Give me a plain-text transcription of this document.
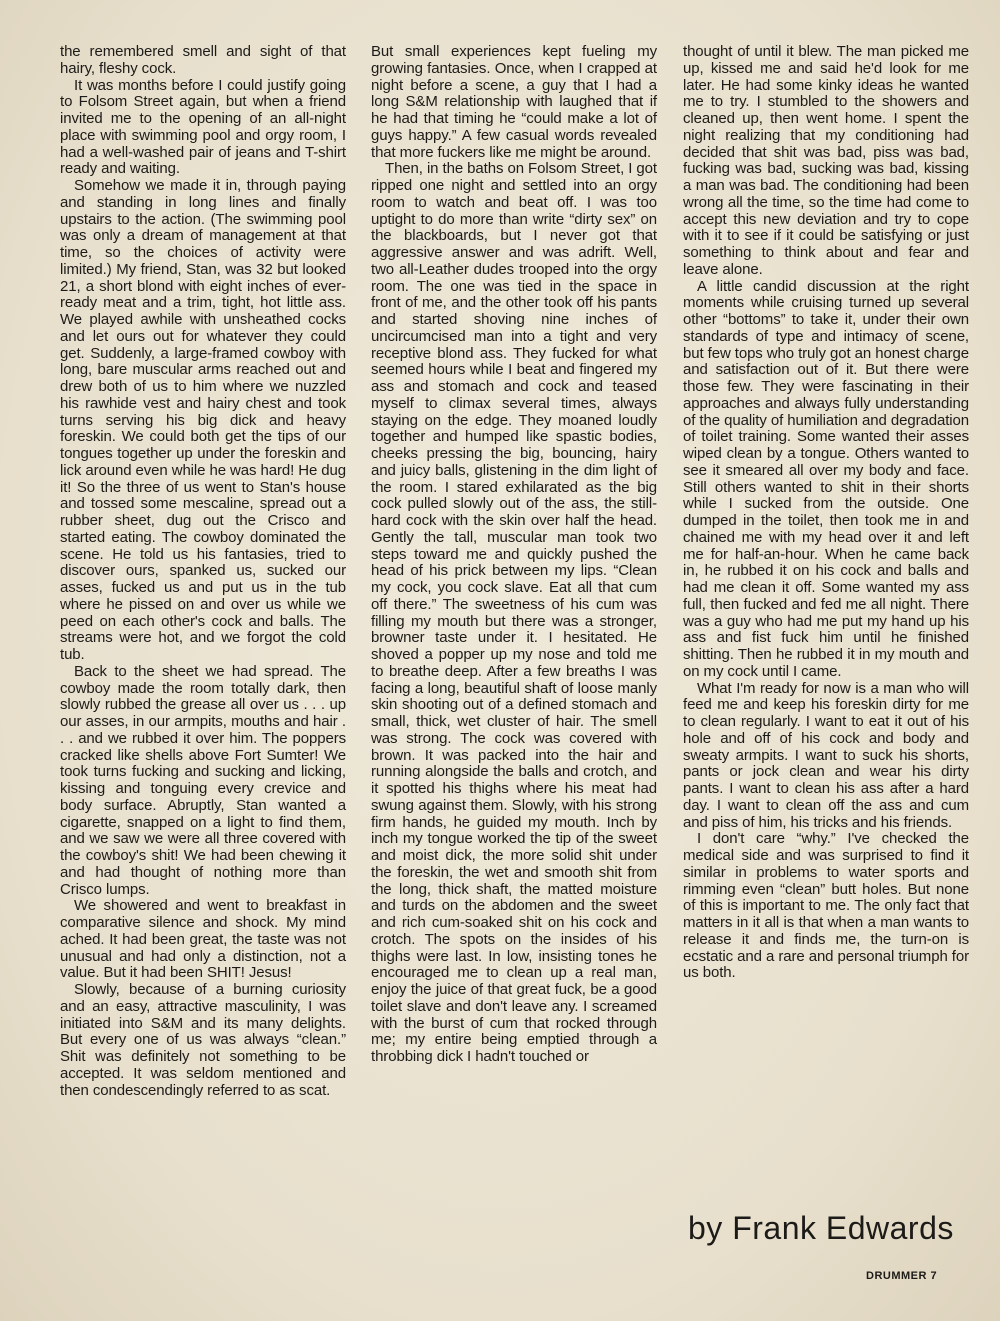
the remembered smell and sight of that hairy, fleshy cock.

It was months before I could justify going to Folsom Street again, but when a friend invited me to the opening of an all-night place with swimming pool and orgy room, I had a well-washed pair of jeans and T-shirt ready and waiting.

Somehow we made it in, through paying and standing in long lines and finally upstairs to the action. (The swimming pool was only a dream of management at that time, so the choices of activity were limited.) My friend, Stan, was 32 but looked 21, a short blond with eight inches of ever-ready meat and a trim, tight, hot little ass. We played awhile with unsheathed cocks and let ours out for whatever they could get. Suddenly, a large-framed cowboy with long, bare muscular arms reached out and drew both of us to him where we nuzzled his rawhide vest and hairy chest and took turns serving his big dick and heavy foreskin. We could both get the tips of our tongues together up under the foreskin and lick around even while he was hard! He dug it! So the three of us went to Stan's house and tossed some mescaline, spread out a rubber sheet, dug out the Crisco and started eating. The cowboy dominated the scene. He told us his fantasies, tried to discover ours, spanked us, sucked our asses, fucked us and put us in the tub where he pissed on and over us while we peed on each other's cock and balls. The streams were hot, and we forgot the cold tub.

Back to the sheet we had spread. The cowboy made the room totally dark, then slowly rubbed the grease all over us . . . up our asses, in our armpits, mouths and hair . . . and we rubbed it over him. The poppers cracked like shells above Fort Sumter! We took turns fucking and sucking and licking, kissing and tonguing every crevice and body surface. Abruptly, Stan wanted a cigarette, snapped on a light to find them, and we saw we were all three covered with the cowboy's shit! We had been chewing it and had thought of nothing more than Crisco lumps.

We showered and went to breakfast in comparative silence and shock. My mind ached. It had been great, the taste was not unusual and had only a distinction, not a value. But it had been SHIT! Jesus!

Slowly, because of a burning curiosity and an easy, attractive masculinity, I was initiated into S&M and its many delights. But every one of us was always “clean.” Shit was definitely not something to be accepted. It was seldom mentioned and then condescendingly referred to as scat.

But small experiences kept fueling my growing fantasies. Once, when I crapped at night before a scene, a guy that I had a long S&M relationship with laughed that if he had that timing he “could make a lot of guys happy.” A few casual words revealed that more fuckers like me might be around.

Then, in the baths on Folsom Street, I got ripped one night and settled into an orgy room to watch and beat off. I was too uptight to do more than write “dirty sex” on the blackboards, but I never got that aggressive answer and was adrift. Well, two all-Leather dudes trooped into the orgy room. The one was tied in the space in front of me, and the other took off his pants and started shoving nine inches of uncircumcised man into a tight and very receptive blond ass. They fucked for what seemed hours while I beat and fingered my ass and stomach and cock and teased myself to climax several times, always staying on the edge. They moaned loudly together and humped like spastic bodies, cheeks pressing the big, bouncing, hairy and juicy balls, glistening in the dim light of the room. I stared exhilarated as the big cock pulled slowly out of the ass, the still-hard cock with the skin over half the head. Gently the tall, muscular man took two steps toward me and quickly pushed the head of his prick between my lips. “Clean my cock, you cock slave. Eat all that cum off there.” The sweetness of his cum was filling my mouth but there was a stronger, browner taste under it. I hesitated. He shoved a popper up my nose and told me to breathe deep. After a few breaths I was facing a long, beautiful shaft of loose manly skin shooting out of a defined stomach and small, thick, wet cluster of hair. The smell was strong. The cock was covered with brown. It was packed into the hair and running alongside the balls and crotch, and it spotted his thighs where his meat had swung against them. Slowly, with his strong firm hands, he guided my mouth. Inch by inch my tongue worked the tip of the sweet and moist dick, the more solid shit under the foreskin, the wet and smooth shit from the long, thick shaft, the matted moisture and turds on the abdomen and the sweet and rich cum-soaked shit on his cock and crotch. The spots on the insides of his thighs were last. In low, insisting tones he encouraged me to clean up a real man, enjoy the juice of that great fuck, be a good toilet slave and don't leave any. I screamed with the burst of cum that rocked through me; my entire being emptied through a throbbing dick I hadn't touched or

thought of until it blew. The man picked me up, kissed me and said he'd look for me later. He had some kinky ideas he wanted me to try. I stumbled to the showers and cleaned up, then went home. I spent the night realizing that my conditioning had decided that shit was bad, piss was bad, fucking was bad, sucking was bad, kissing a man was bad. The conditioning had been wrong all the time, so the time had come to accept this new deviation and try to cope with it to see if it could be satisfying or just something to think about and fear and leave alone.

A little candid discussion at the right moments while cruising turned up several other “bottoms” to take it, under their own standards of type and intimacy of scene, but few tops who truly got an honest charge and satisfaction out of it. But there were those few. They were fascinating in their approaches and always fully understanding of the quality of humiliation and degradation of toilet training. Some wanted their asses wiped clean by a tongue. Others wanted to see it smeared all over my body and face. Still others wanted to shit in their shorts while I sucked from the outside. One dumped in the toilet, then took me in and chained me with my head over it and left me for half-an-hour. When he came back in, he rubbed it on his cock and balls and had me clean it off. Some wanted my ass full, then fucked and fed me all night. There was a guy who had me put my hand up his ass and fist fuck him until he finished shitting. Then he rubbed it in my mouth and on my cock until I came.

What I'm ready for now is a man who will feed me and keep his foreskin dirty for me to clean regularly. I want to eat it out of his hole and off of his cock and body and sweaty armpits. I want to suck his shorts, pants or jock clean and wear his dirty pants. I want to clean his ass after a hard day. I want to clean off the ass and cum and piss of him, his tricks and his friends.

I don't care “why.” I've checked the medical side and was surprised to find it similar in problems to water sports and rimming even “clean” butt holes. But none of this is important to me. The only fact that matters in it all is that when a man wants to release it and finds me, the turn-on is ecstatic and a rare and personal triumph for us both.

by Frank Edwards
DRUMMER 7
